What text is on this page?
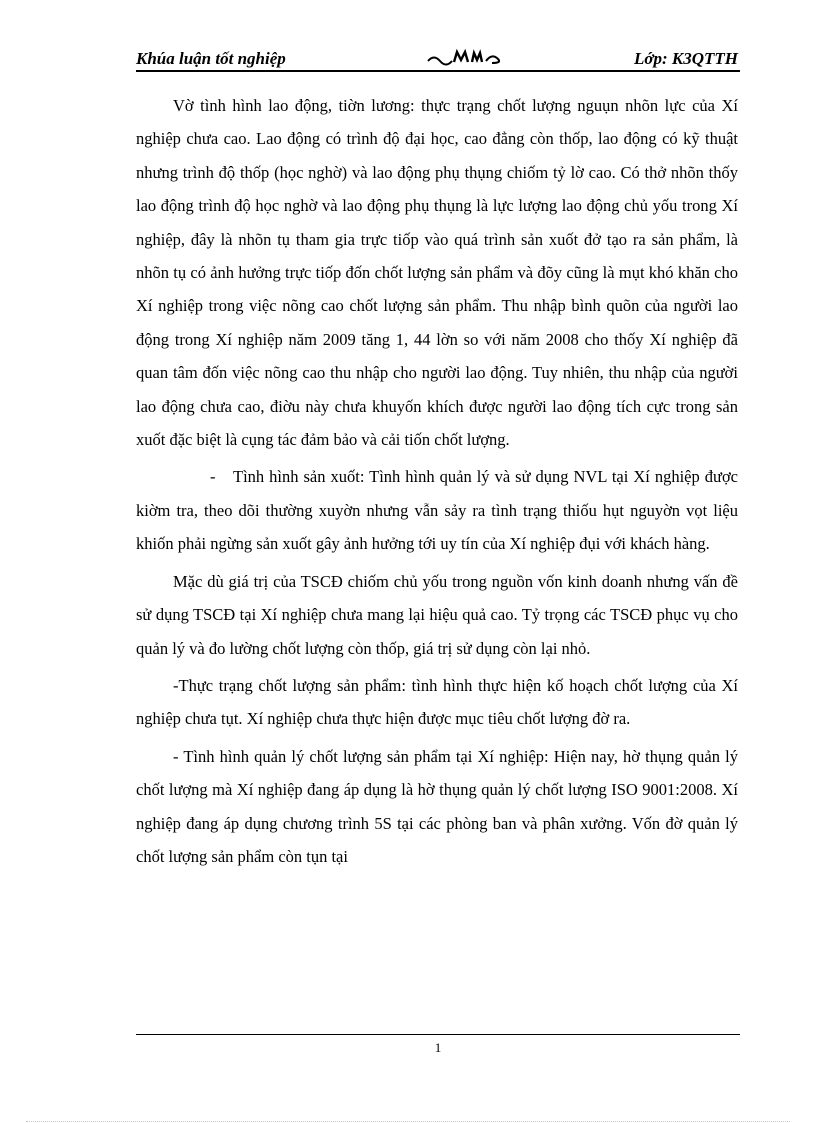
Khúa luận tốt nghiệp	Lớp: K3QTTH

Vờ tình hình lao động, tiờn lương: thực trạng chốt lượng nguụn nhõn lực của Xí nghiệp chưa cao. Lao động có trình độ đại học, cao đẳng còn thốp, lao động có kỹ thuật nhưng trình độ thốp (học nghờ) và lao động phụ thụng chiốm tỷ lờ cao. Có thở nhõn thốy lao động trình độ học nghờ và lao động phụ thụng là lực lượng lao động chủ yốu trong Xí nghiệp, đây là nhõn tụ tham gia trực tiốp vào quá trình sản xuốt đở tạo ra sản phẩm, là nhõn tụ có ảnh hưởng trực tiốp đốn chốt lượng sản phẩm và đõy cũng là mụt khó khăn cho Xí nghiệp trong việc nõng cao chốt lượng sản phẩm. Thu nhập bình quõn của người lao động trong Xí nghiệp năm 2009 tăng 1, 44 lờn so với năm 2008 cho thốy Xí nghiệp đã quan tâm đốn việc nõng cao thu nhập cho người lao động. Tuy nhiên, thu nhập của người lao động chưa cao, điờu này chưa khuyốn khích được người lao động tích cực trong sản xuốt đặc biệt là cụng tác đảm bảo và cải tiốn chốt lượng.

- Tình hình sản xuốt: Tình hình quản lý và sử dụng NVL tại Xí nghiệp được kiờm tra, theo dõi thường xuyờn nhưng vẫn sảy ra tình trạng thiốu hụt nguyờn vọt liệu khiốn phải ngừng sản xuốt gây ảnh hưởng tới uy tín của Xí nghiệp đụi với khách hàng.

Mặc dù giá trị của TSCĐ chiốm chủ yốu trong nguồn vốn kinh doanh nhưng vấn đề sử dụng TSCĐ tại Xí nghiệp chưa mang lại hiệu quả cao. Tỷ trọng các TSCĐ phục vụ cho quản lý và đo lường chốt lượng còn thốp, giá trị sử dụng còn lại nhỏ.

-Thực trạng chốt lượng sản phẩm: tình hình thực hiện kố hoạch chốt lượng của Xí nghiệp chưa tụt. Xí nghiệp chưa thực hiện được mục tiêu chốt lượng đờ ra.

- Tình hình quản lý chốt lượng sản phẩm tại Xí nghiệp: Hiện nay, hờ thụng quản lý chốt lượng mà Xí nghiệp đang áp dụng là hờ thụng quản lý chốt lượng ISO 9001:2008. Xí nghiệp đang áp dụng chương trình 5S tại các phòng ban và phân xưởng. Vốn đờ quản lý chốt lượng sản phẩm còn tụn tại

1
